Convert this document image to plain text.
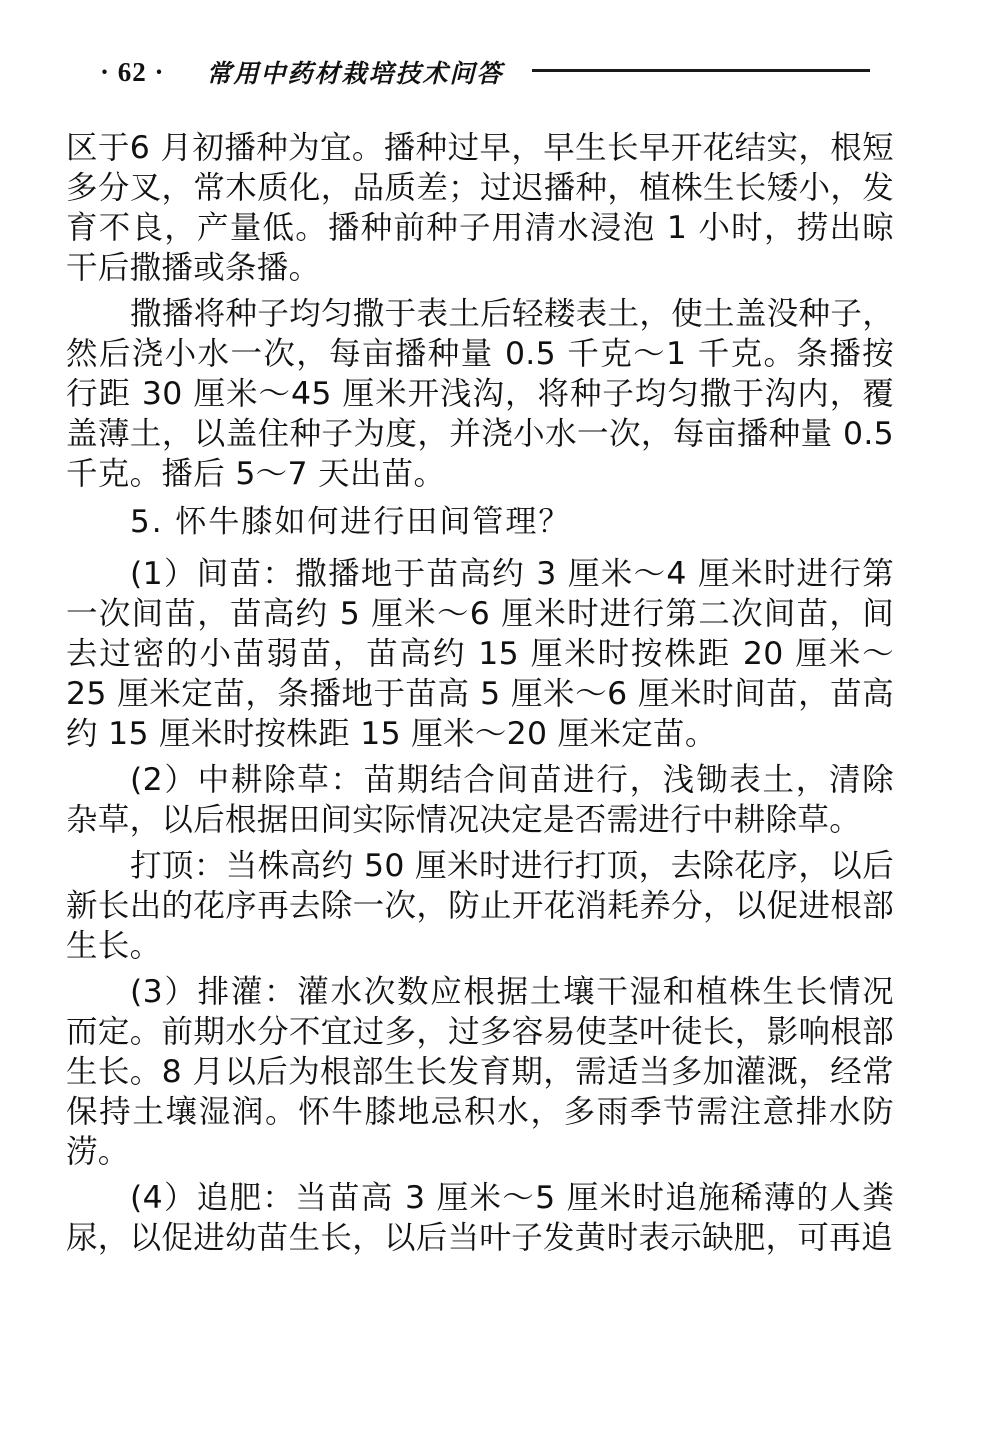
· 62 · 常用中药材栽培技术问答

区于6 月初播种为宜。播种过早，早生长早开花结实，根短多分叉，常木质化，品质差；过迟播种，植株生长矮小，发育不良，产量低。播种前种子用清水浸泡 1 小时，捞出晾干后撒播或条播。

撒播将种子均匀撒于表土后轻耧表土，使土盖没种子，然后浇小水一次，每亩播种量 0.5 千克～1 千克。条播按行距 30 厘米～45 厘米开浅沟，将种子均匀撒于沟内，覆盖薄土，以盖住种子为度，并浇小水一次，每亩播种量 0.5 千克。播后 5～7 天出苗。

5. 怀牛膝如何进行田间管理？

(1）间苗：撒播地于苗高约 3 厘米～4 厘米时进行第一次间苗，苗高约 5 厘米～6 厘米时进行第二次间苗，间去过密的小苗弱苗，苗高约 15 厘米时按株距 20 厘米～25 厘米定苗，条播地于苗高 5 厘米～6 厘米时间苗，苗高约 15 厘米时按株距 15 厘米～20 厘米定苗。

(2）中耕除草：苗期结合间苗进行，浅锄表土，清除杂草，以后根据田间实际情况决定是否需进行中耕除草。

打顶：当株高约 50 厘米时进行打顶，去除花序，以后新长出的花序再去除一次，防止开花消耗养分，以促进根部生长。

(3）排灌：灌水次数应根据土壤干湿和植株生长情况而定。前期水分不宜过多，过多容易使茎叶徒长，影响根部生长。8 月以后为根部生长发育期，需适当多加灌溉，经常保持土壤湿润。怀牛膝地忌积水，多雨季节需注意排水防涝。

(4）追肥：当苗高 3 厘米～5 厘米时追施稀薄的人粪尿，以促进幼苗生长，以后当叶子发黄时表示缺肥，可再追
